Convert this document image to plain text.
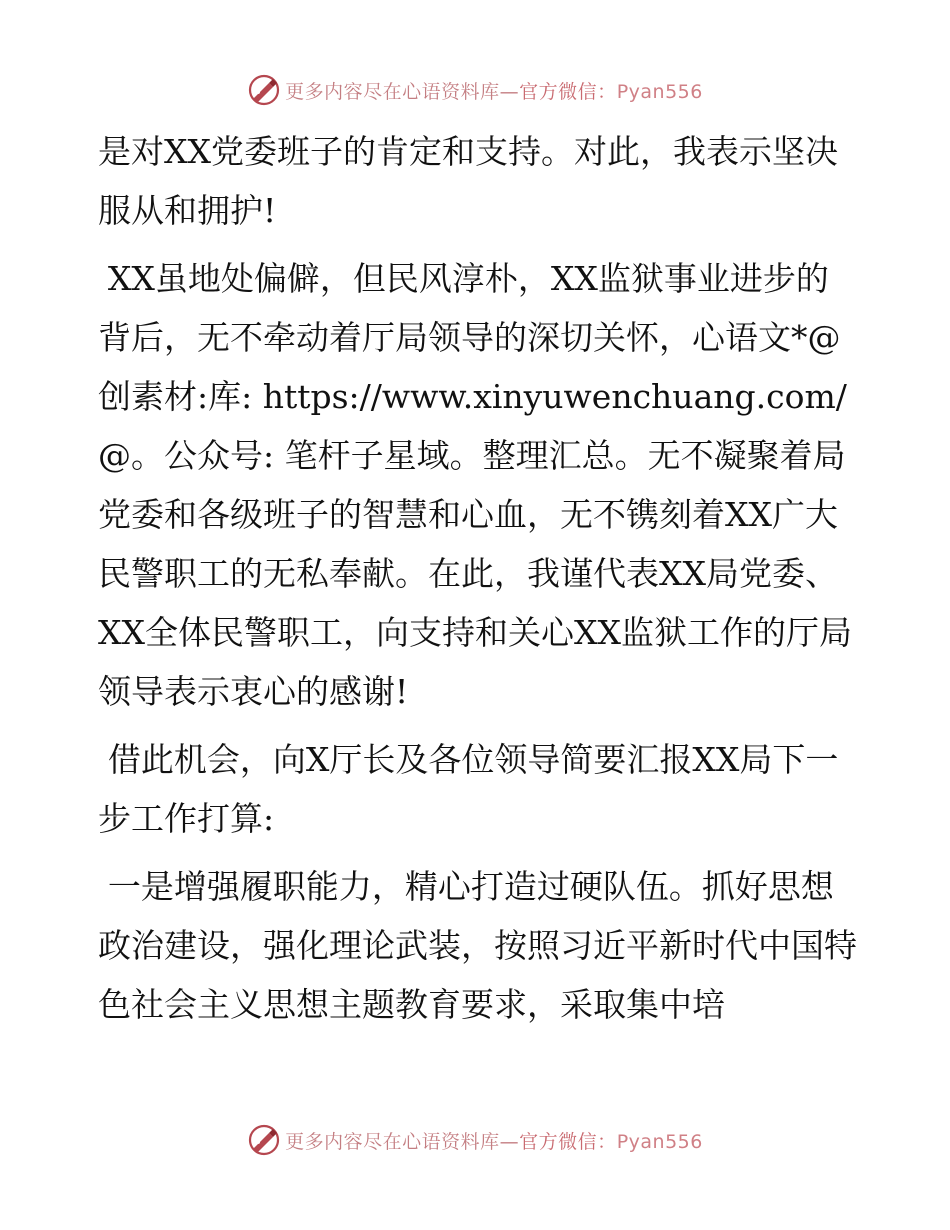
更多内容尽在心语资料库—官方微信：Pyan556

是对XX党委班子的肯定和支持。对此，我表示坚决服从和拥护!

XX虽地处偏僻，但民风淳朴，XX监狱事业进步的背后，无不牵动着厅局领导的深切关怀，心语文*@创素材:库: https://www.xinyuwenchuang.com/@。公众号: 笔杆子星域。整理汇总。无不凝聚着局党委和各级班子的智慧和心血，无不镌刻着XX广大民警职工的无私奉献。在此，我谨代表XX局党委、XX全体民警职工，向支持和关心XX监狱工作的厅局领导表示衷心的感谢!

借此机会，向X厅长及各位领导简要汇报XX局下一步工作打算:

一是增强履职能力，精心打造过硬队伍。抓好思想政治建设，强化理论武装，按照习近平新时代中国特色社会主义思想主题教育要求，采取集中培

更多内容尽在心语资料库—官方微信：Pyan556
